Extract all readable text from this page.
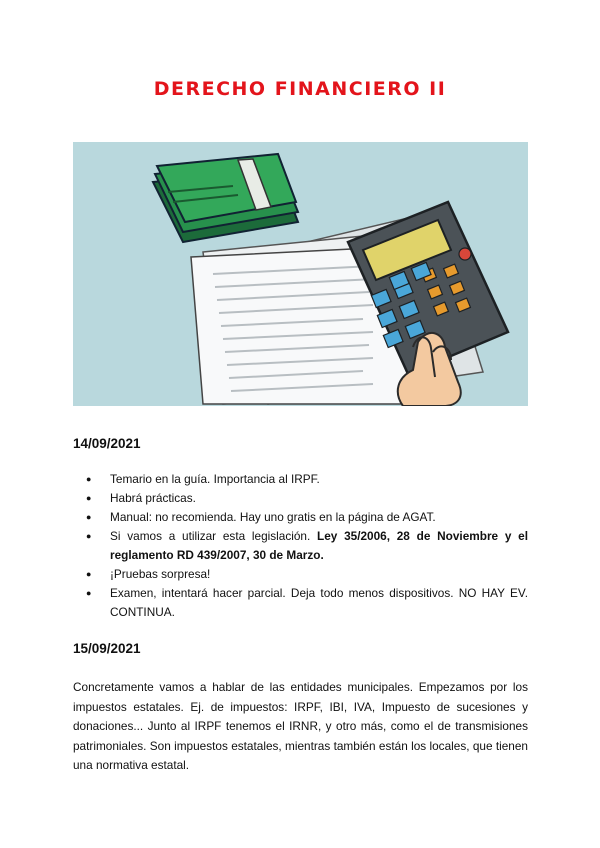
DERECHO FINANCIERO II
14/09/2021
● Temario en la guía. Importancia al IRPF.
● Habrá prácticas.
● Manual: no recomienda. Hay uno gratis en la página de AGAT.
● Si vamos a utilizar esta legislación. Ley 35/2006, 28 de Noviembre y el reglamento RD 439/2007, 30 de Marzo.
● ¡Pruebas sorpresa!
● Examen, intentará hacer parcial. Deja todo menos dispositivos. NO HAY EV. CONTINUA.
15/09/2021

Concretamente vamos a hablar de las entidades municipales. Empezamos por los impuestos estatales. Ej. de impuestos: IRPF, IBI, IVA, Impuesto de sucesiones y donaciones... Junto al IRPF tenemos el IRNR, y otro más, como el de transmisiones patrimoniales. Son impuestos estatales, mientras también están los locales, que tienen una normativa estatal.
